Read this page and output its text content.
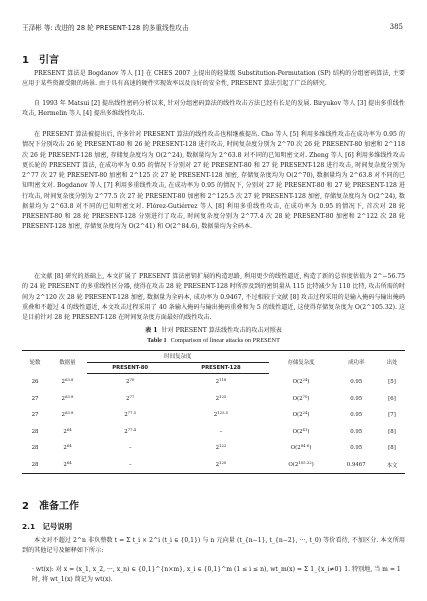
王泽彬 等: 改进的 28 轮 PRESENT-128 的多重线性攻击	385
1　引言
PRESENT 算法是 Bogdanov 等人 [1] 在 CHES 2007 上提出的轻量级 Substitution-Permutation (SP) 结构的分组密码算法, 主要应用于某些资源受限的场景. 由于具有高速的硬件实现效率以及良好的安全性, PRESENT 算法引起了广泛的研究.
自 1993 年 Matsui [2] 提出线性密码分析以来, 针对分组密码算法的线性攻击方法已经有长足的发展. Biryukov 等人 [3] 提出多重线性攻击, Hermelin 等人 [4] 提出多维线性攻击.
在 PRESENT 算法被提出后, 许多针对 PRESENT 算法的线性攻击也相继被提出. Cho 等人 [5] 利用多维线性攻击在成功率为 0.95 的情况下分别攻击 26 轮 PRESENT-80 和 26 轮 PRESENT-128 进行攻击, 时间复杂度分别为 2^70 次 26 轮 PRESENT-80 加密和 2^118 次 26 轮 PRESENT-128 加密, 存储复杂度均为 O(2^24), 数据量均为 2^63.8 对不同的已知明密文对. Zheng 等人 [6] 利用多维线性攻击更长轮的 PRESENT 算法, 在成功率为 0.95 的情况下分别对 27 轮 PRESENT-80 和 27 轮 PRESENT-128 进行攻击, 时间复杂度分别为 2^77 次 27 轮 PRESENT-80 加密和 2^125 次 27 轮 PRESENT-128 加密, 存储复杂度均为 O(2^70), 数据量均为 2^63.8 对不同的已知明密文对. Bogdanov 等人 [7] 利用多重线性攻击, 在成功率为 0.95 的情况下, 分别对 27 轮 PRESENT-80 和 27 轮 PRESENT-128 进行攻击, 时间复杂度分别为 2^77.5 次 27 轮 PRESENT-80 加密和 2^125.5 次 27 轮 PRESENT-128 加密, 存储复杂度均为 O(2^24), 数据量均为 2^63.8 对不同的已知明密文对. Flórez-Gutiérrez 等人 [8] 利用多重线性攻击, 在成功率为 0.95 的情况下, 首次对 28 轮 PRESENT-80 和 28 轮 PRESENT-128 分别进行了攻击, 时间复杂度分别为 2^77.4 次 28 轮 PRESENT-80 加密和 2^122 次 28 轮 PRESENT-128 加密, 存储复杂度均为 O(2^41) 和 O(2^84.6), 数据量均为全码本.
在文献 [8] 研究的基础上, 本文扩展了 PRESENT 算法密钥扩展的构造思路, 利用更少的线性逼近, 构造了新的总容度估值为 2^−56.75 的 24 轮 PRESENT 的多重线性区分器, 使得在攻击 28 轮 PRESENT-128 时所涉及到的密钥量从 115 比特减少为 110 比特, 攻击所需的时间为 2^120 次 28 轮 PRESENT-128 加密, 数据量为全码本, 成功率为 0.9467, 不过相较于文献 [8] 攻击过程采用的是输入掩码与输出掩码重叠和不超过 4 的线性逼近, 本文攻击过程采用了 40 条输入掩码与输出掩码重叠和为 5 的线性逼近, 这使得存储复杂度为 O(2^105.32). 这是目前针对 28 轮 PRESENT-128 在时间复杂度方面最好的线性攻击.
表 1 针对 PRESENT 算法线性攻击的攻击对照表
Table 1 Comparison of linear attacks on PRESENT
轮数	数据量	时间复杂度		存储复杂度	成功率	出处
		PRESENT-80	PRESENT-128			
26	$2^{63.8}$	$2^{70}$	$2^{118}$	$O(2^{24})$	0.95	[5]
27	$2^{63.8}$	$2^{77}$	$2^{125}$	$O(2^{70})$	0.95	[6]
27	$2^{63.8}$	$2^{77.5}$	$2^{125.5}$	$O(2^{24})$	0.95	[7]
28	$2^{64}$	$2^{77.4}$	–	$O(2^{41})$	0.95	[8]
28	$2^{64}$	–	$2^{122}$	$O(2^{84.6})$	0.95	[8]
28	$2^{64}$	–	$2^{120}$	$O(2^{105.32})$	0.9467	本文
2　准备工作
2.1　记号说明
本文对不超过 2^n 非负整数 t = Σ t_i × 2^i (t_i ∈ {0,1}) 与 n 元向量 (t_{n−1}, t_{n−2}, ···, t_0) 等价看待, 不加区分. 本文所用到的其他记号及解释如下所示:
· wt(x): 对 x = (x_1, x_2, ···, x_n) ∈ {0,1}^{n×m}, x_i ∈ {0,1}^m (1 ≤ i ≤ n), wt_m(x) = Σ 1_{x_i≠0} 1. 特别地, 当 m = 1 时, 将 wt_1(x) 简记为 wt(x).
